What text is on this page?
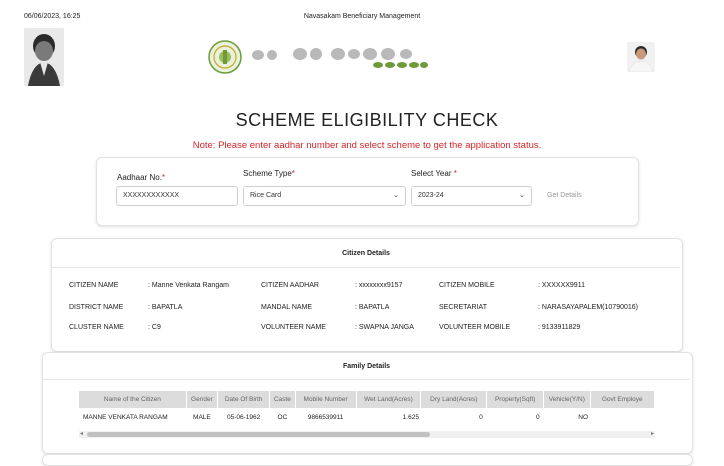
06/06/2023, 16:25	Navasakam Beneficiary Management
SCHEME ELIGIBILITY CHECK
Note: Please enter aadhar number and select scheme to get the application status.
Aadhaar No.*
XXXXXXXXXXXX
Scheme Type*
Rice Card	⌄
Select Year *
2023-24	⌄	Get Details
Citizen Details
CITIZEN NAME	: Manne Venkata Rangam	CITIZEN AADHAR	: xxxxxxxx9157	CITIZEN MOBILE	: XXXXXX9911
DISTRICT NAME	: BAPATLA	MANDAL NAME	: BAPATLA	SECRETARIAT	: NARASAYAPALEM(10790016)
CLUSTER NAME	: C9	VOLUNTEER NAME	: SWAPNA JANGA	VOLUNTEER MOBILE	: 9133911829
Family Details
Name of the Citizen	Gender	Date Of Birth	Caste	Mobile Number	Wet Land(Acres)	Dry Land(Acres)	Property(Sqft)	Vehicle(Y/N)	Govt Employe
MANNE VENKATA RANGAM	MALE	05-06-1962	OC	9866539911	1.625	0	0	NO	
◂	▸
